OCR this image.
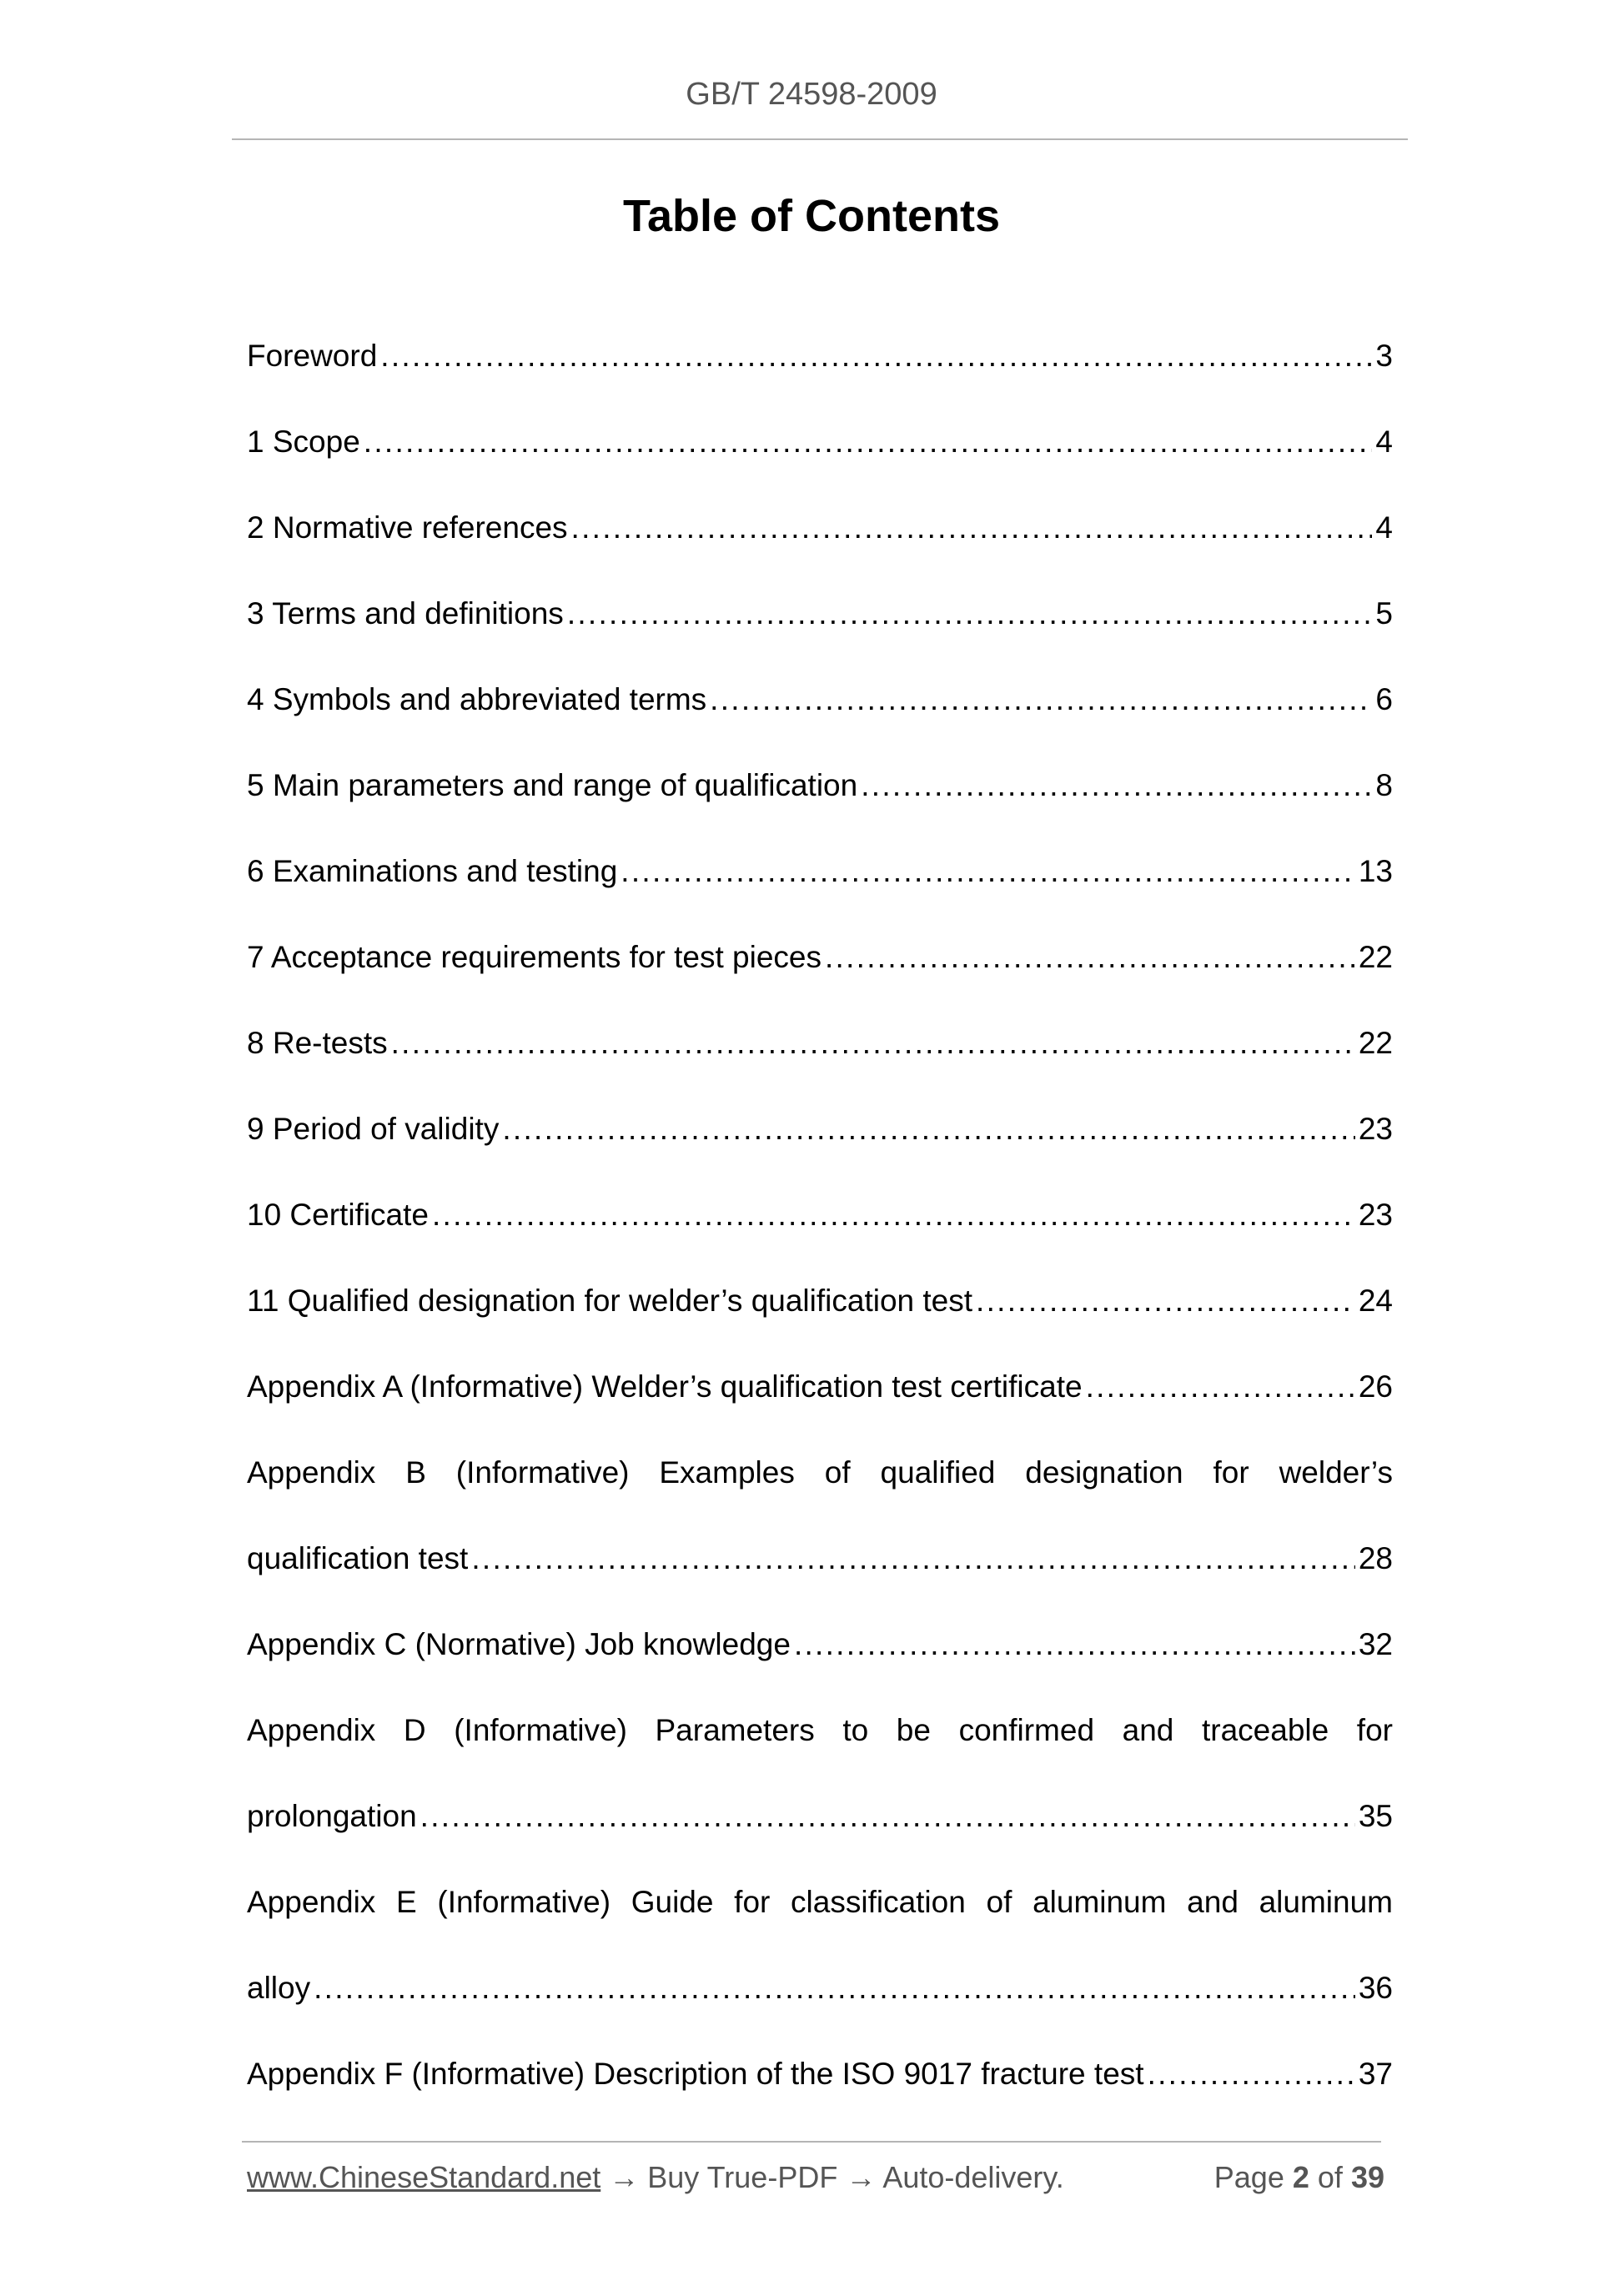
GB/T 24598-2009
Table of Contents
Foreword . . .	3
1 Scope . . .	4
2 Normative references . . .	4
3 Terms and definitions . . .	5
4 Symbols and abbreviated terms . . .	6
5 Main parameters and range of qualification . . .	8
6 Examinations and testing . . .	13
7 Acceptance requirements for test pieces . . .	22
8 Re-tests . . .	22
9 Period of validity . . .	23
10 Certificate . . .	23
11 Qualified designation for welder’s qualification test . . .	24
Appendix A (Informative) Welder’s qualification test certificate . . .	26
Appendix B (Informative) Examples of qualified designation for welder’s
qualification test . . .	28
Appendix C (Normative) Job knowledge . . .	32
Appendix D (Informative) Parameters to be confirmed and traceable for
prolongation . . .	35
Appendix E (Informative) Guide for classification of aluminum and aluminum
alloy . . .	36
Appendix F (Informative) Description of the ISO 9017 fracture test . . .	37
www.ChineseStandard.net → Buy True-PDF → Auto-delivery.	Page 2 of 39
